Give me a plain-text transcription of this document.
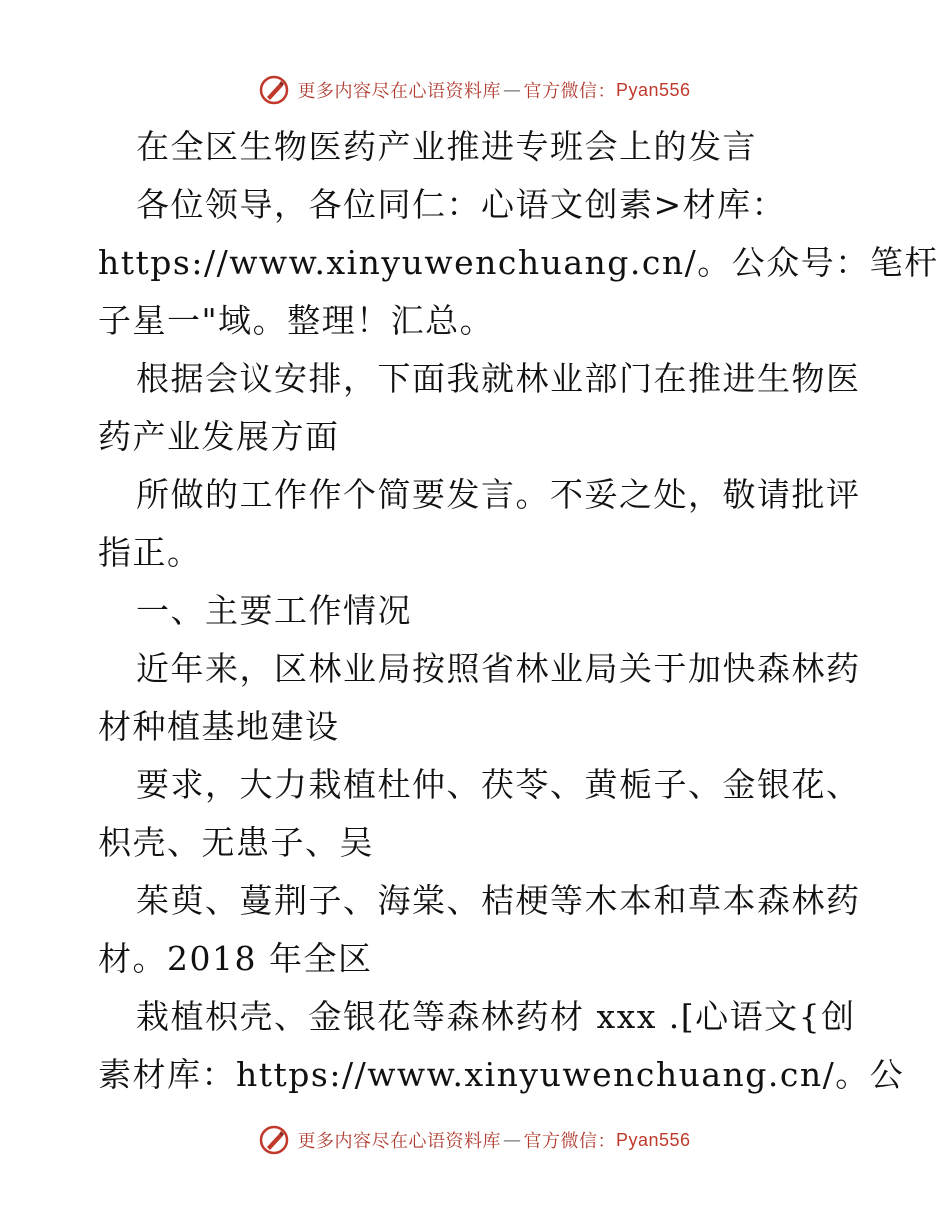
更多内容尽在心语资料库 — 官方微信 ： Pyan556
在全区生物医药产业推进专班会上的发言
各位领导，各位同仁：心语文创素>材库：
https://www.xinyuwenchuang.cn/。公众号：笔杆
子星一"域。整理！汇总。
根据会议安排，下面我就林业部门在推进生物医
药产业发展方面
所做的工作作个简要发言。不妥之处，敬请批评
指正。
一、主要工作情况
近年来，区林业局按照省林业局关于加快森林药
材种植基地建设
要求，大力栽植杜仲、茯苓、黄栀子、金银花、
枳壳、无患子、吴
茱萸、蔓荆子、海棠、桔梗等木本和草本森林药
材。2018 年全区
栽植枳壳、金银花等森林药材 xxx .[心语文{创
素材库：https://www.xinyuwenchuang.cn/。公
更多内容尽在心语资料库 — 官方微信 ： Pyan556
